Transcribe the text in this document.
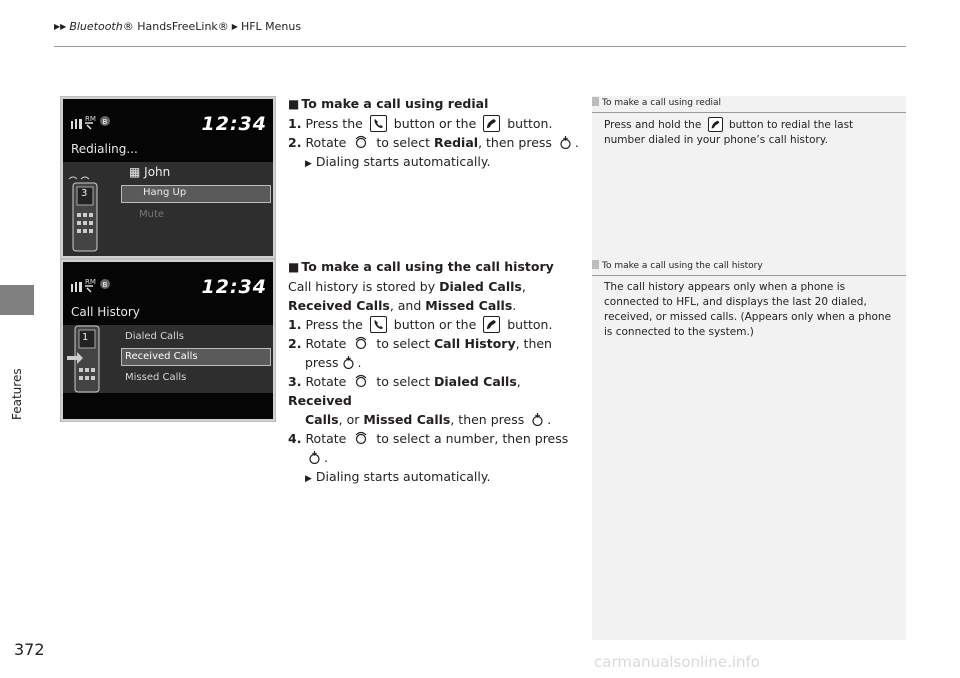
▶▶ Bluetooth ® HandsFreeLink® ▶ HFL Menus
Features
372
RM B	12:34
Redialing...
3
▦ John
Hang Up
Mute
RM B	12:34
Call History
1	Dialed Calls
Received Calls
Missed Calls
■ To make a call using redial
1. Press the button or the button.
2. Rotate to select Redial, then press .
▶ Dialing starts automatically.
■ To make a call using the call history
Call history is stored by Dialed Calls,
Received Calls, and Missed Calls.
1. Press the button or the button.
2. Rotate to select Call History, then
press .
3. Rotate to select Dialed Calls, Received
Calls, or Missed Calls, then press .
4. Rotate to select a number, then press
.
▶ Dialing starts automatically.
To make a call using redial
Press and hold the	button to redial the last number dialed in your phone’s call history.
To make a call using the call history
The call history appears only when a phone is connected to HFL, and displays the last 20 dialed, received, or missed calls. (Appears only when a phone is connected to the system.)
carmanualsonline.info
